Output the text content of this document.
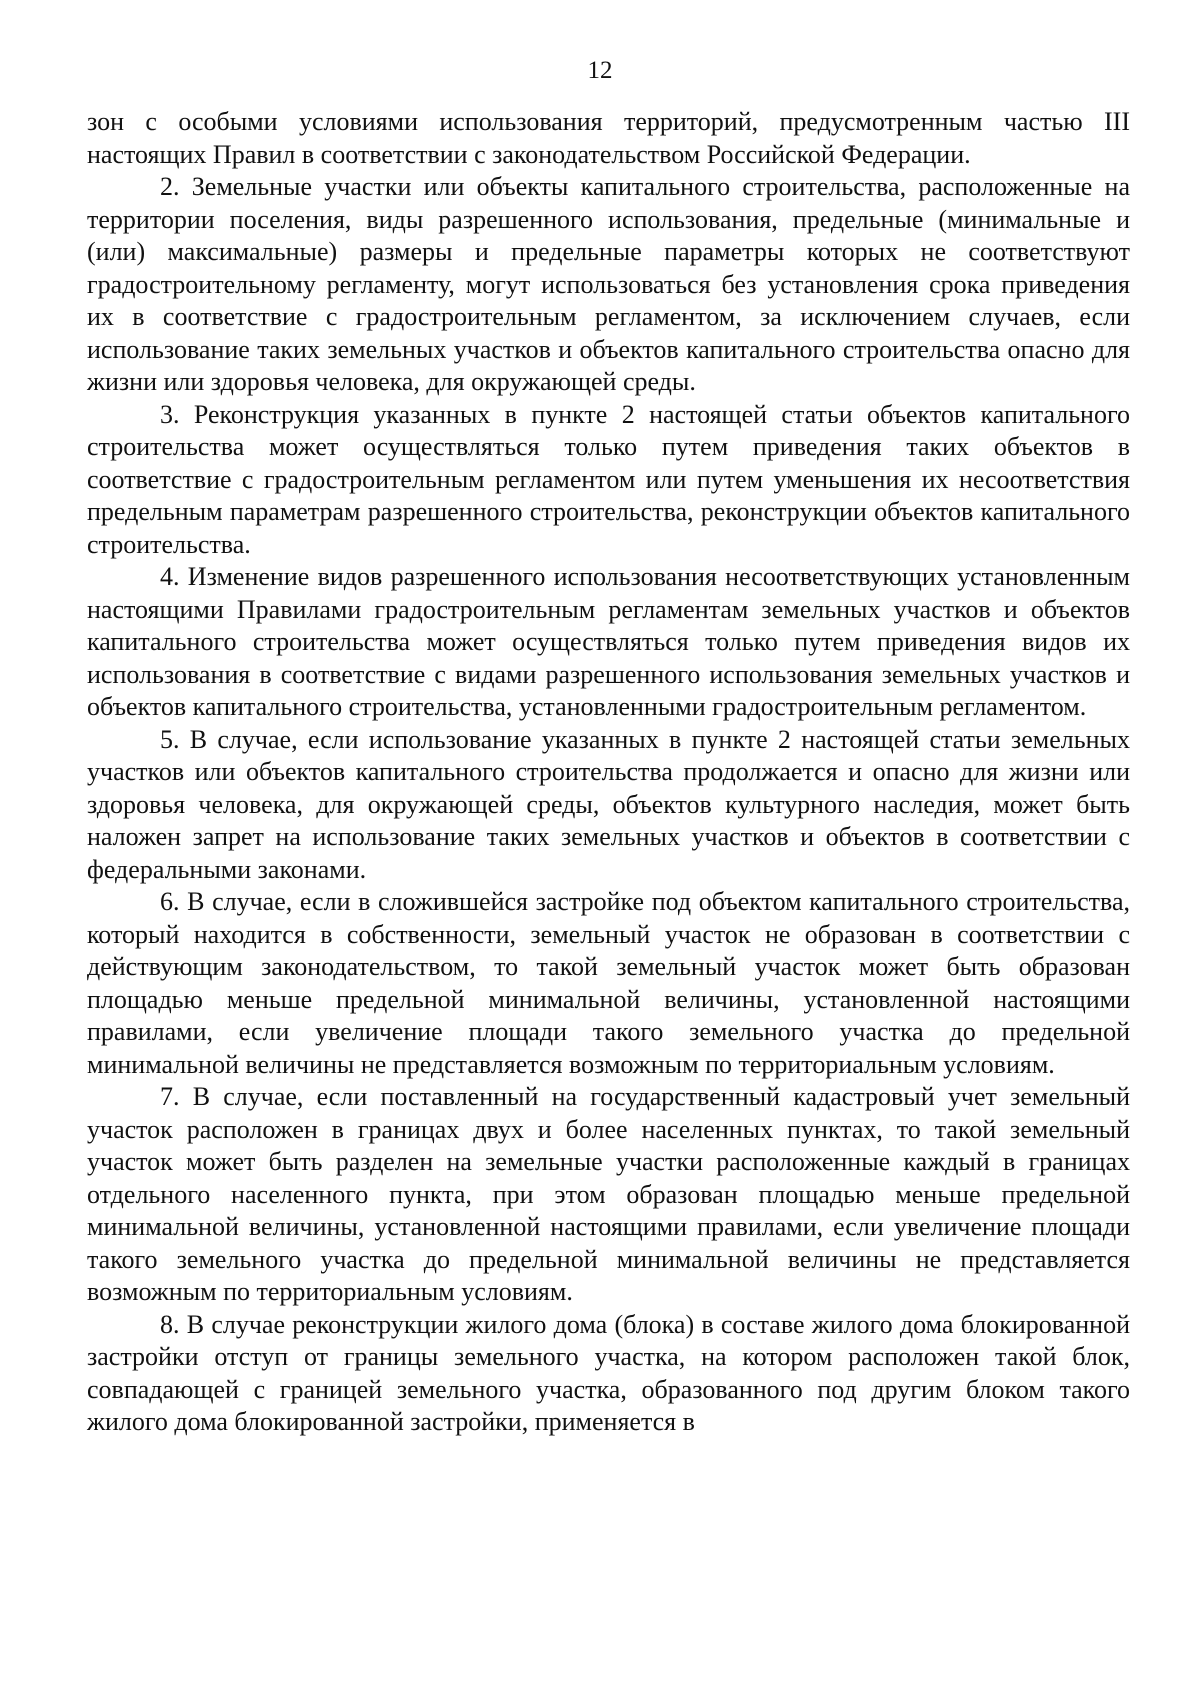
12

зон с особыми условиями использования территорий, предусмотренным частью III настоящих Правил в соответствии с законодательством Российской Федерации.

2. Земельные участки или объекты капитального строительства, расположенные на территории поселения, виды разрешенного использования, предельные (минимальные и (или) максимальные) размеры и предельные параметры которых не соответствуют градостроительному регламенту, могут использоваться без установления срока приведения их в соответствие с градостроительным регламентом, за исключением случаев, если использование таких земельных участков и объектов капитального строительства опасно для жизни или здоровья человека, для окружающей среды.

3. Реконструкция указанных в пункте 2 настоящей статьи объектов капитального строительства может осуществляться только путем приведения таких объектов в соответствие с градостроительным регламентом или путем уменьшения их несоответствия предельным параметрам разрешенного строительства, реконструкции объектов капитального строительства.

4. Изменение видов разрешенного использования несоответствующих установленным настоящими Правилами градостроительным регламентам земельных участков и объектов капитального строительства может осуществляться только путем приведения видов их использования в соответствие с видами разрешенного использования земельных участков и объектов капитального строительства, установленными градостроительным регламентом.

5. В случае, если использование указанных в пункте 2 настоящей статьи земельных участков или объектов капитального строительства продолжается и опасно для жизни или здоровья человека, для окружающей среды, объектов культурного наследия, может быть наложен запрет на использование таких земельных участков и объектов в соответствии с федеральными законами.

6. В случае, если в сложившейся застройке под объектом капитального строительства, который находится в собственности, земельный участок не образован в соответствии с действующим законодательством, то такой земельный участок может быть образован площадью меньше предельной минимальной величины, установленной настоящими правилами, если увеличение площади такого земельного участка до предельной минимальной величины не представляется возможным по территориальным условиям.

7. В случае, если поставленный на государственный кадастровый учет земельный участок расположен в границах двух и более населенных пунктах, то такой земельный участок может быть разделен на земельные участки расположенные каждый в границах отдельного населенного пункта, при этом образован площадью меньше предельной минимальной величины, установленной настоящими правилами, если увеличение площади такого земельного участка до предельной минимальной величины не представляется возможным по территориальным условиям.

8. В случае реконструкции жилого дома (блока) в составе жилого дома блокированной застройки отступ от границы земельного участка, на котором расположен такой блок, совпадающей с границей земельного участка, образованного под другим блоком такого жилого дома блокированной застройки, применяется в
